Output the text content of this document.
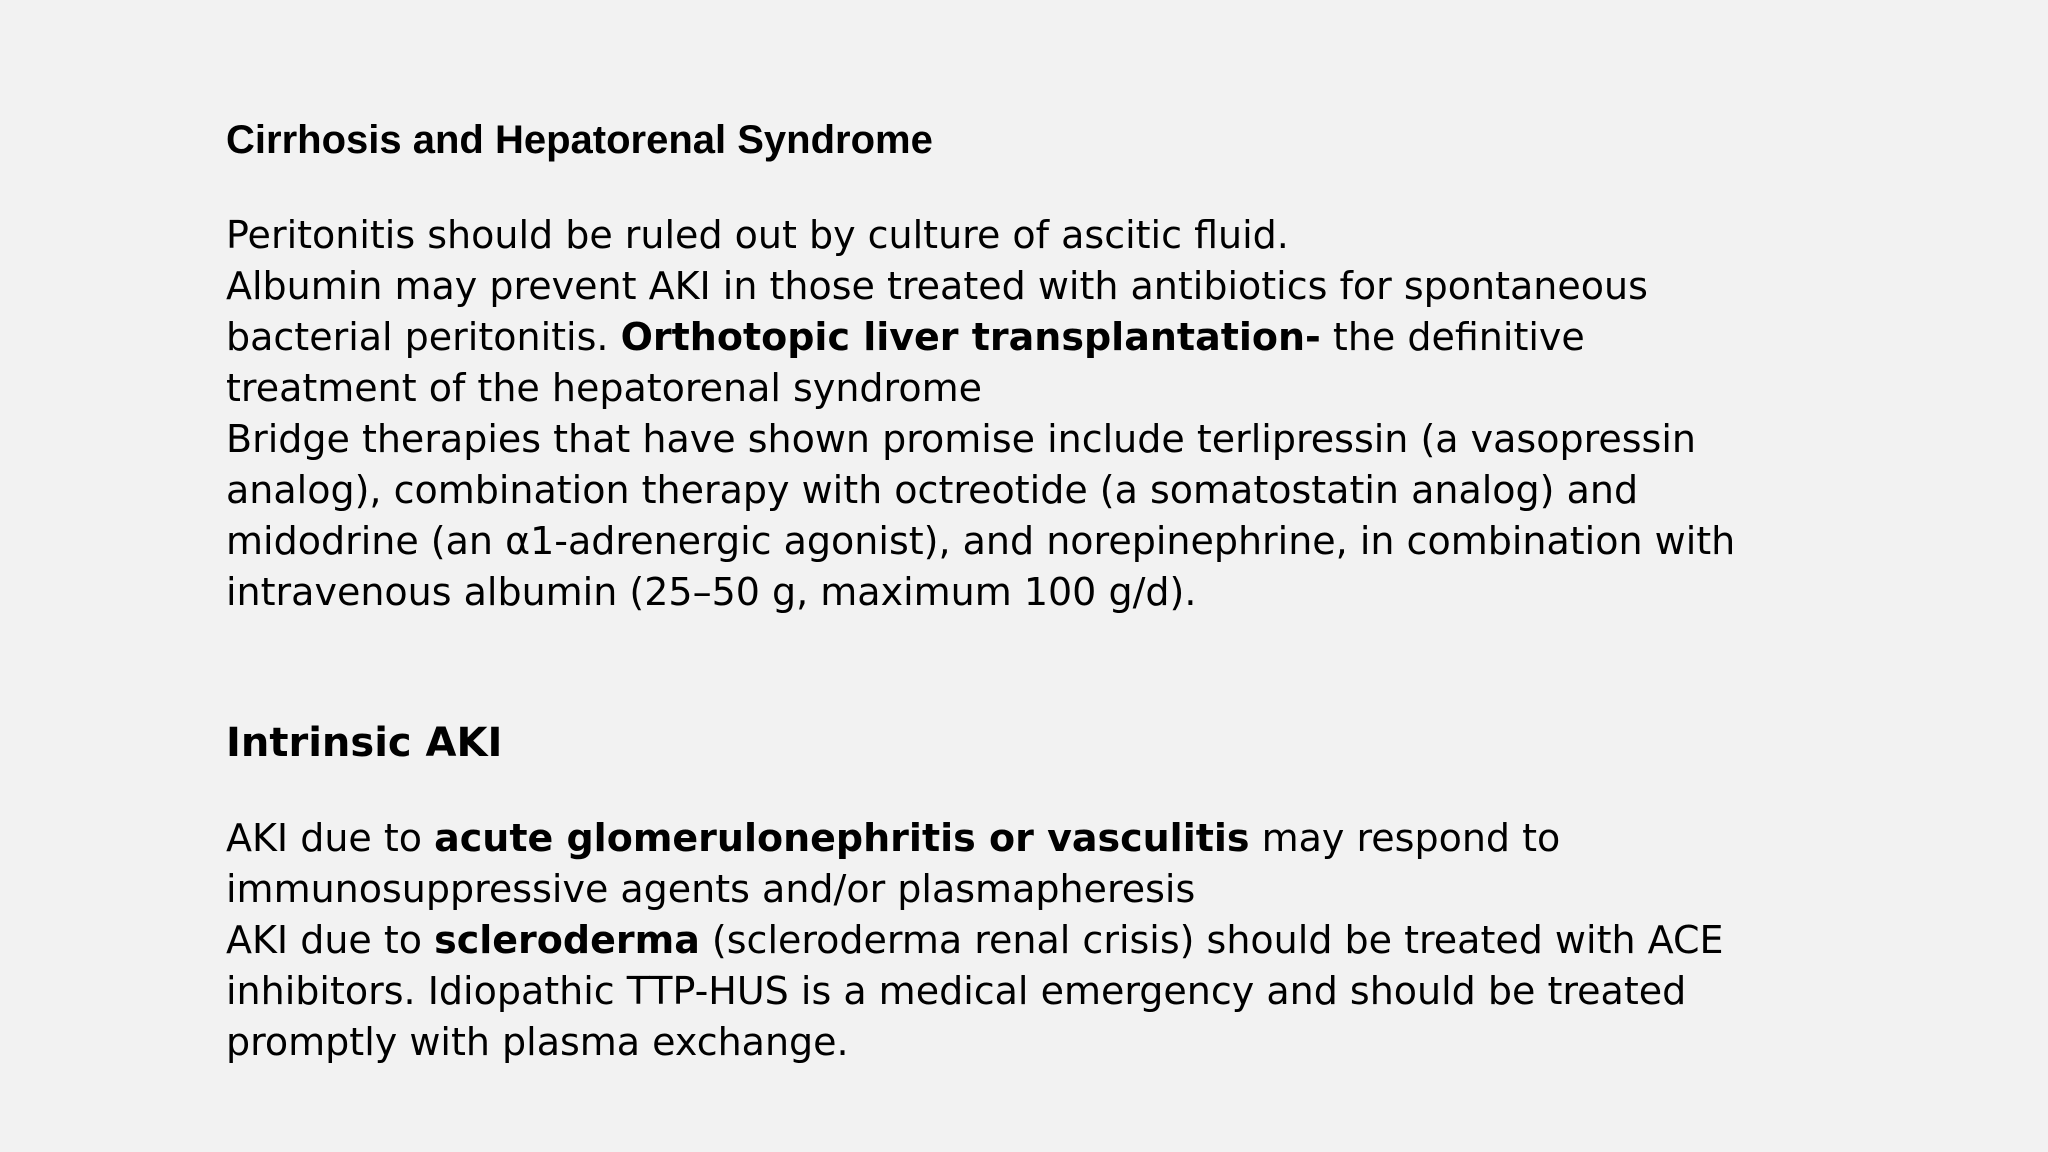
Cirrhosis and Hepatorenal Syndrome

Peritonitis should be ruled out by culture of ascitic fluid.

Albumin may prevent AKI in those treated with antibiotics for spontaneous bacterial peritonitis. Orthotopic liver transplantation- the definitive treatment of the hepatorenal syndrome

Bridge therapies that have shown promise include terlipressin (a vasopressin analog), combination therapy with octreotide (a somatostatin analog) and midodrine (an α1-adrenergic agonist), and norepinephrine, in combination with intravenous albumin (25–50 g, maximum 100 g/d).

Intrinsic AKI

AKI due to acute glomerulonephritis or vasculitis may respond to immunosuppressive agents and/or plasmapheresis

AKI due to scleroderma (scleroderma renal crisis) should be treated with ACE inhibitors. Idiopathic TTP-HUS is a medical emergency and should be treated promptly with plasma exchange.
